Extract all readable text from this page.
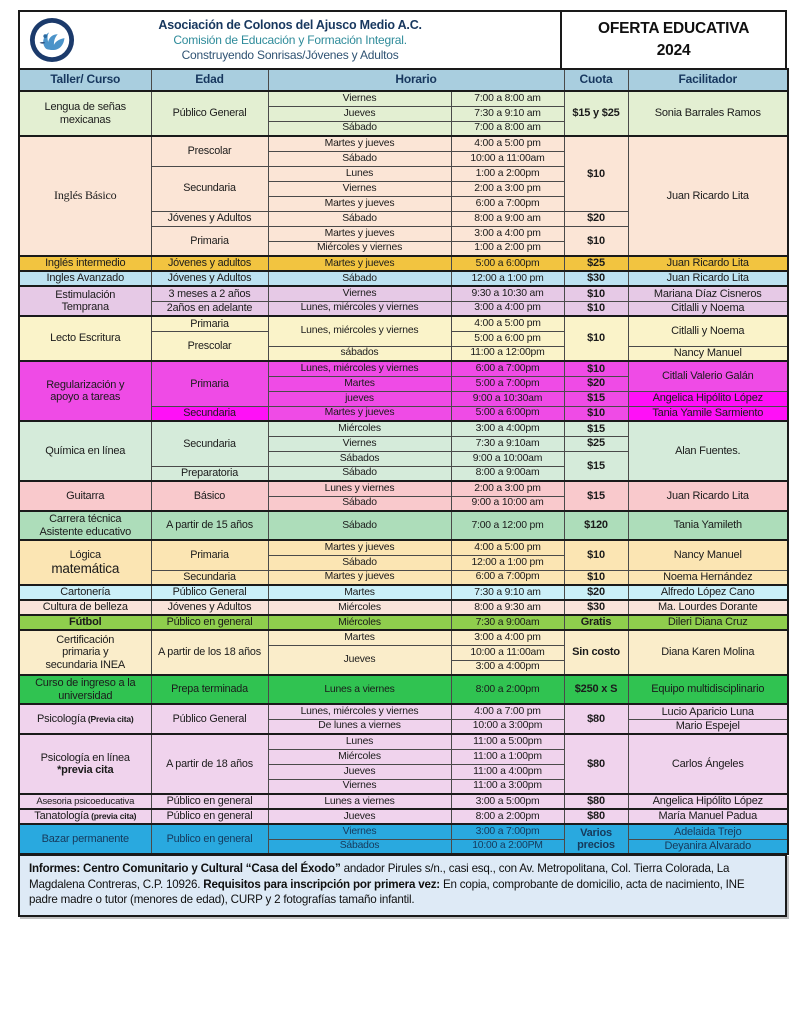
Asociación de Colonos del Ajusco Medio A.C.
Comisión de Educación y Formación Integral.
Construyendo Sonrisas/Jóvenes y Adultos
OFERTA EDUCATIVA
2024
Taller/ Curso	Edad	Horario		Cuota	Facilitador

Lengua de señas
mexicanas	Público General	Viernes	7:00 a 8:00 am	$15 y $25	Sonia Barrales Ramos
		Jueves	7:30 a 9:10 am		
		Sábado	7:00 a 8:00 am		

Inglés Básico	Prescolar	Martes y jueves	4:00 a 5:00 pm	$10	Juan Ricardo Lita
		Sábado	10:00 a 11:00am		
	Secundaria	Lunes	1:00 a 2:00pm		
		Viernes	2:00 a 3:00 pm		
		Martes y jueves	6:00 a 7:00pm		
	Jóvenes y Adultos	Sábado	8:00 a 9:00 am	$20	
	Primaria	Martes y jueves	3:00 a 4:00 pm	$10	
		Miércoles y viernes	1:00 a 2:00 pm		

Inglés intermedio	Jóvenes y adultos	Martes y jueves	5:00 a 6:00pm	$25	Juan Ricardo Lita

Ingles Avanzado	Jóvenes y Adultos	Sábado	12:00 a 1:00 pm	$30	Juan Ricardo Lita

Estimulación
Temprana	3 meses a 2 años	Viernes	9:30 a 10:30 am	$10	Mariana Díaz Cisneros
	2años en adelante	Lunes, miércoles y viernes	3:00 a 4:00 pm	$10	Citlalli y Noema

Lecto Escritura	Primaria	Lunes, miércoles y viernes	4:00 a 5:00 pm	$10	Citlalli y Noema
	Prescolar		5:00 a 6:00 pm		
		sábados	11:00 a 12:00pm		Nancy Manuel

Regularización y
apoyo a tareas	Primaria	Lunes, miércoles y viernes	6:00 a 7:00pm	$10	Citlali Valerio Galán
		Martes	5:00 a 7:00pm	$20	
		jueves	9:00 a 10:30am	$15	Angelica Hipólito López
	Secundaria	Martes y jueves	5:00 a 6:00pm	$10	Tania Yamile Sarmiento

Química en línea	Secundaria	Miércoles	3:00 a 4:00pm	$15	Alan Fuentes.
		Viernes	7:30 a 9:10am	$25	
		Sábados	9:00 a 10:00am	$15	
	Preparatoria	Sábado	8:00 a 9:00am		

Guitarra	Básico	Lunes y viernes	2:00 a 3:00 pm	$15	Juan Ricardo Lita
		Sábado	9:00 a 10:00 am		

Carrera técnica
Asistente educativo	A partir de 15 años	Sábado	7:00 a 12:00 pm	$120	Tania Yamileth

Lógica
matemática	Primaria	Martes y jueves	4:00 a 5:00 pm	$10	Nancy Manuel
		Sábado	12:00 a 1:00 pm		
	Secundaria	Martes y jueves	6:00 a 7:00pm	$10	Noema Hernández

Cartonería	Público General	Martes	7:30 a 9:10 am	$20	Alfredo López Cano

Cultura de belleza	Jóvenes y Adultos	Miércoles	8:00 a 9:30 am	$30	Ma. Lourdes Dorante

Fútbol	Público en general	Miércoles	7:30 a 9:00am	Gratis	Dileri Diana Cruz

Certificación
primaria y
secundaria INEA	A partir de los 18 años	Martes	3:00 a 4:00 pm	Sin costo	Diana Karen Molina
		Jueves	10:00 a 11:00am		
			3:00 a 4:00pm		

Curso de ingreso a la
universidad	Prepa terminada	Lunes a viernes	8:00 a 2:00pm	$250 x S	Equipo multidisciplinario

Psicología (Previa cita)	Público General	Lunes, miércoles y viernes	4:00 a 7:00 pm	$80	Lucio Aparicio Luna
		De lunes a viernes	10:00 a 3:00pm		Mario Espejel

Psicología en línea
*previa cita	A partir de 18 años	Lunes	11:00 a 5:00pm	$80	Carlos Ángeles
		Miércoles	11:00 a 1:00pm		
		Jueves	11:00 a 4:00pm		
		Viernes	11:00 a 3:00pm		

Asesoria psicoeducativa	Público en general	Lunes a viernes	3:00 a 5:00pm	$80	Angelica Hipólito López

Tanatología (previa cita)	Público en general	Jueves	8:00 a 2:00pm	$80	María Manuel Padua

Bazar permanente	Publico en general	Viernes	3:00 a 7:00pm	Varios precios	Adelaida Trejo
		Sábados	10:00 a 2:00PM		Deyanira Alvarado
Informes: Centro Comunitario y Cultural “Casa del Éxodo” andador Pirules s/n., casi esq., con Av. Metropolitana, Col. Tierra Colorada, La Magdalena Contreras, C.P. 10926. Requisitos para inscripción por primera vez: En copia, comprobante de domicilio, acta de nacimiento, INE padre madre o tutor (menores de edad), CURP y 2 fotografías tamaño infantil.
